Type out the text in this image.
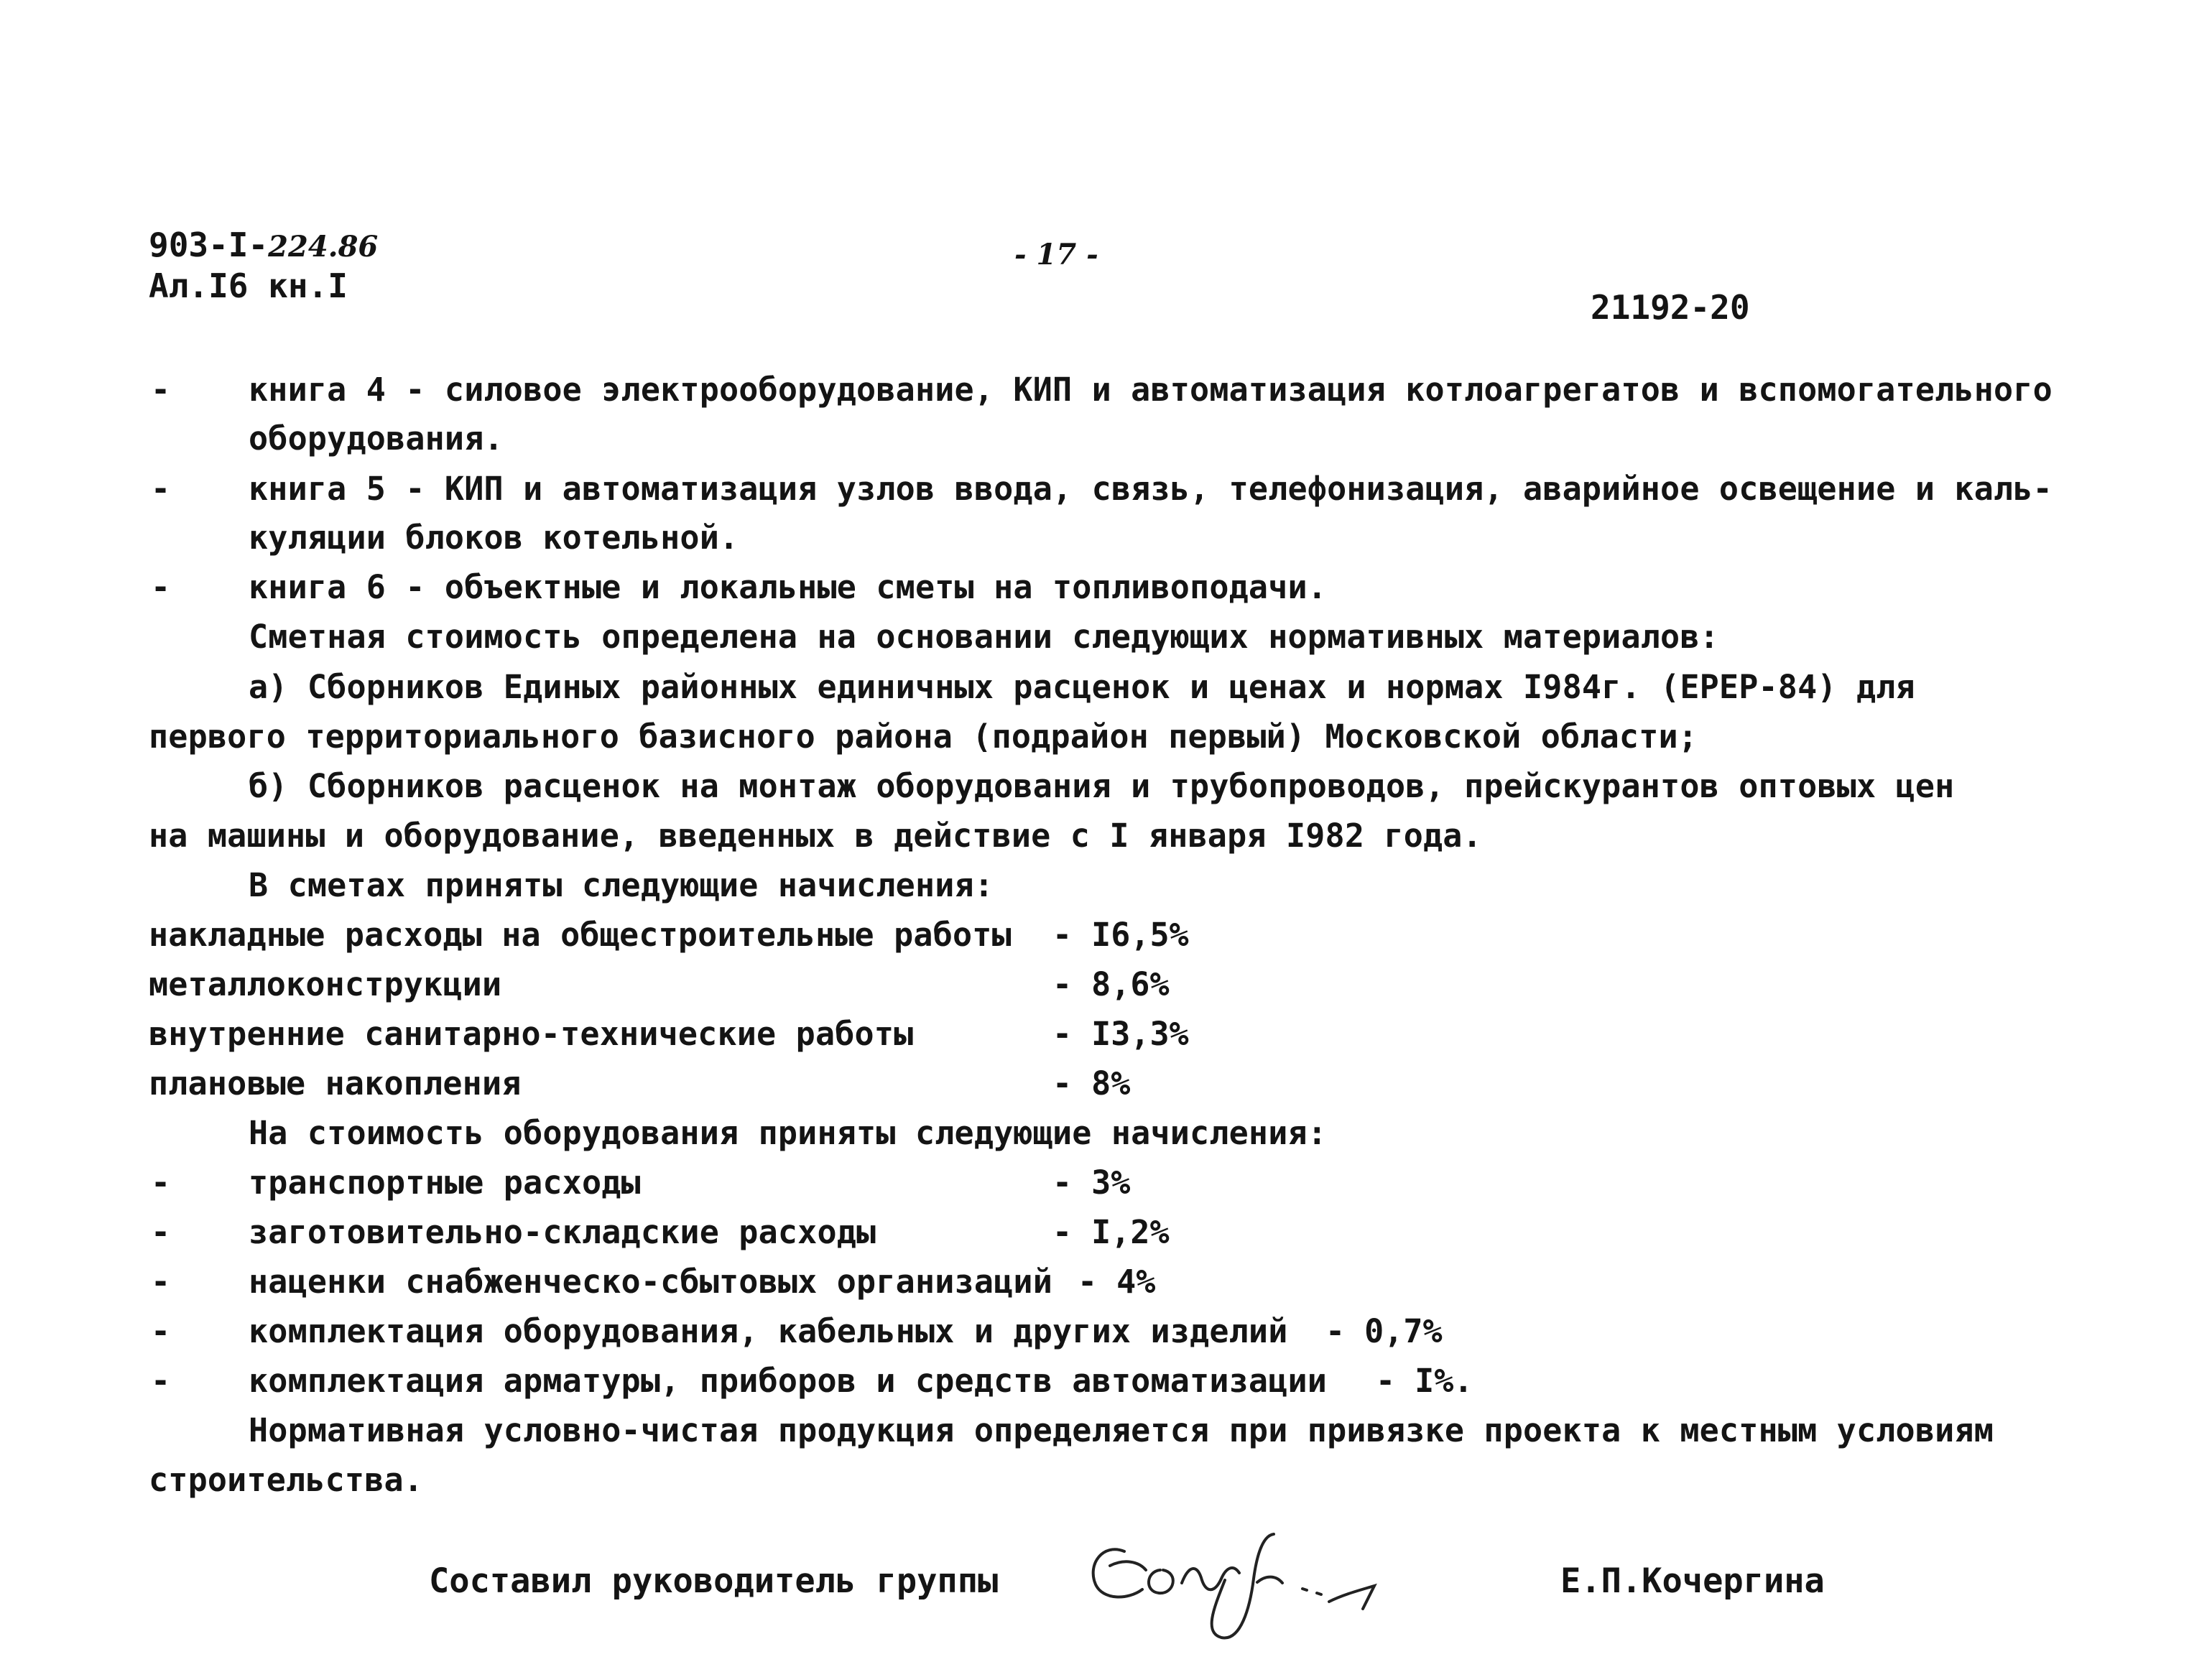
903-I-224.86
Ал.I6 кн.I
- 17 -
21192-20
- книга 4 - силовое электрооборудование, КИП и автоматизация котлоагрегатов и вспомогательного
оборудования.
- книга 5 - КИП и автоматизация узлов ввода, связь, телефонизация, аварийное освещение и каль-
куляции блоков котельной.
- книга 6 - объектные и локальные сметы на топливоподачи.
Сметная стоимость определена на основании следующих нормативных материалов:
а) Сборников Единых районных единичных расценок и ценах и нормах I984г. (ЕРЕР-84) для
первого территориального базисного района (подрайон первый) Московской области;
б) Сборников расценок на монтаж оборудования и трубопроводов, прейскурантов оптовых цен
на машины и оборудование, введенных в действие с I января I982 года.
В сметах приняты следующие начисления:
накладные расходы на общестроительные работы - I6,5%
металлоконструкции	- 8,6%
внутренние санитарно-технические работы	- I3,3%
плановые накопления	- 8%
На стоимость оборудования приняты следующие начисления:
- транспортные расходы	- 3%
- заготовительно-складские расходы	- I,2%
- наценки снабженческо-сбытовых организаций - 4%
- комплектация оборудования, кабельных и других изделий - 0,7%
- комплектация арматуры, приборов и средств автоматизации - I%.
Нормативная условно-чистая продукция определяется при привязке проекта к местным условиям
строительства.
Составил руководитель группы	Е.П.Кочергина
